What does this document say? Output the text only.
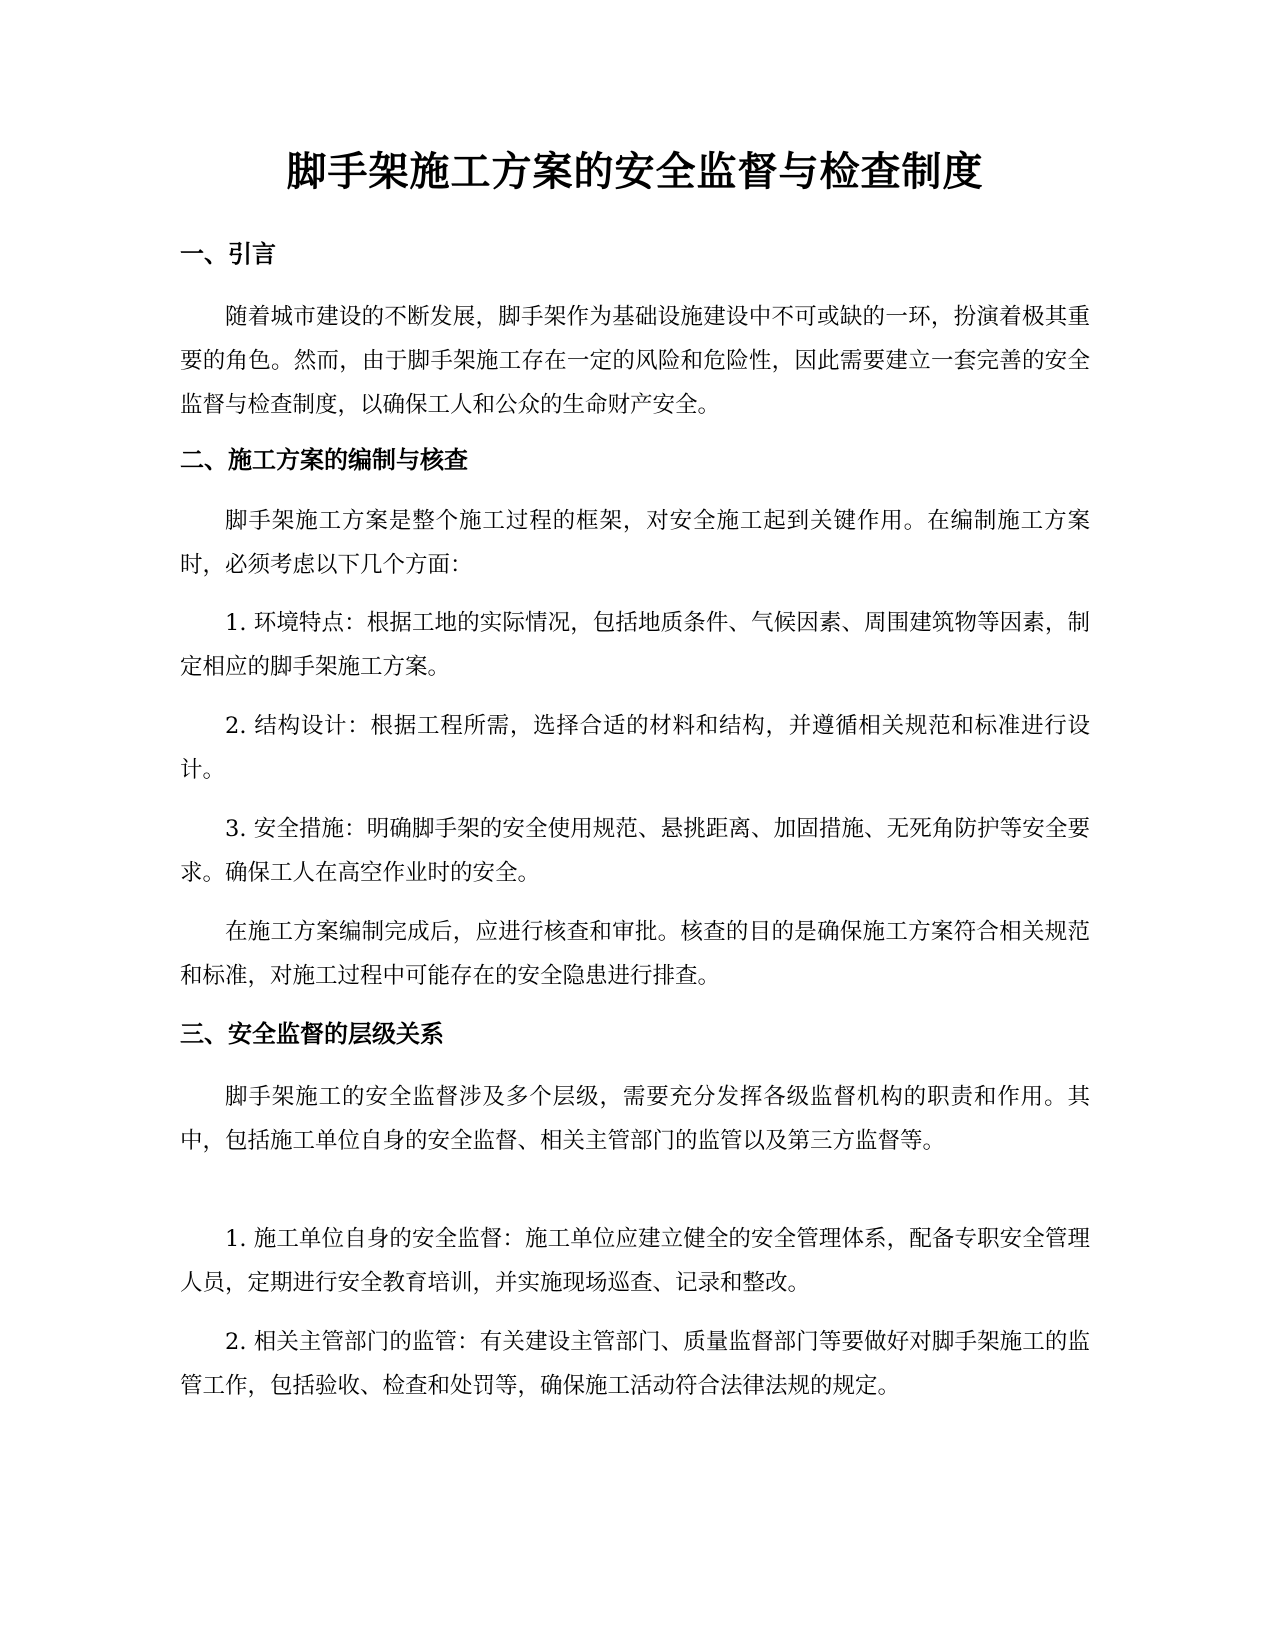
脚手架施工方案的安全监督与检查制度
一、引言

随着城市建设的不断发展，脚手架作为基础设施建设中不可或缺的一环，扮演着极其重要的角色。然而，由于脚手架施工存在一定的风险和危险性，因此需要建立一套完善的安全监督与检查制度，以确保工人和公众的生命财产安全。

二、施工方案的编制与核查

脚手架施工方案是整个施工过程的框架，对安全施工起到关键作用。在编制施工方案时，必须考虑以下几个方面：

1. 环境特点：根据工地的实际情况，包括地质条件、气候因素、周围建筑物等因素，制定相应的脚手架施工方案。

2. 结构设计：根据工程所需，选择合适的材料和结构，并遵循相关规范和标准进行设计。

3. 安全措施：明确脚手架的安全使用规范、悬挑距离、加固措施、无死角防护等安全要求。确保工人在高空作业时的安全。

在施工方案编制完成后，应进行核查和审批。核查的目的是确保施工方案符合相关规范和标准，对施工过程中可能存在的安全隐患进行排查。

三、安全监督的层级关系

脚手架施工的安全监督涉及多个层级，需要充分发挥各级监督机构的职责和作用。其中，包括施工单位自身的安全监督、相关主管部门的监管以及第三方监督等。

1. 施工单位自身的安全监督：施工单位应建立健全的安全管理体系，配备专职安全管理人员，定期进行安全教育培训，并实施现场巡查、记录和整改。

2. 相关主管部门的监管：有关建设主管部门、质量监督部门等要做好对脚手架施工的监管工作，包括验收、检查和处罚等，确保施工活动符合法律法规的规定。
